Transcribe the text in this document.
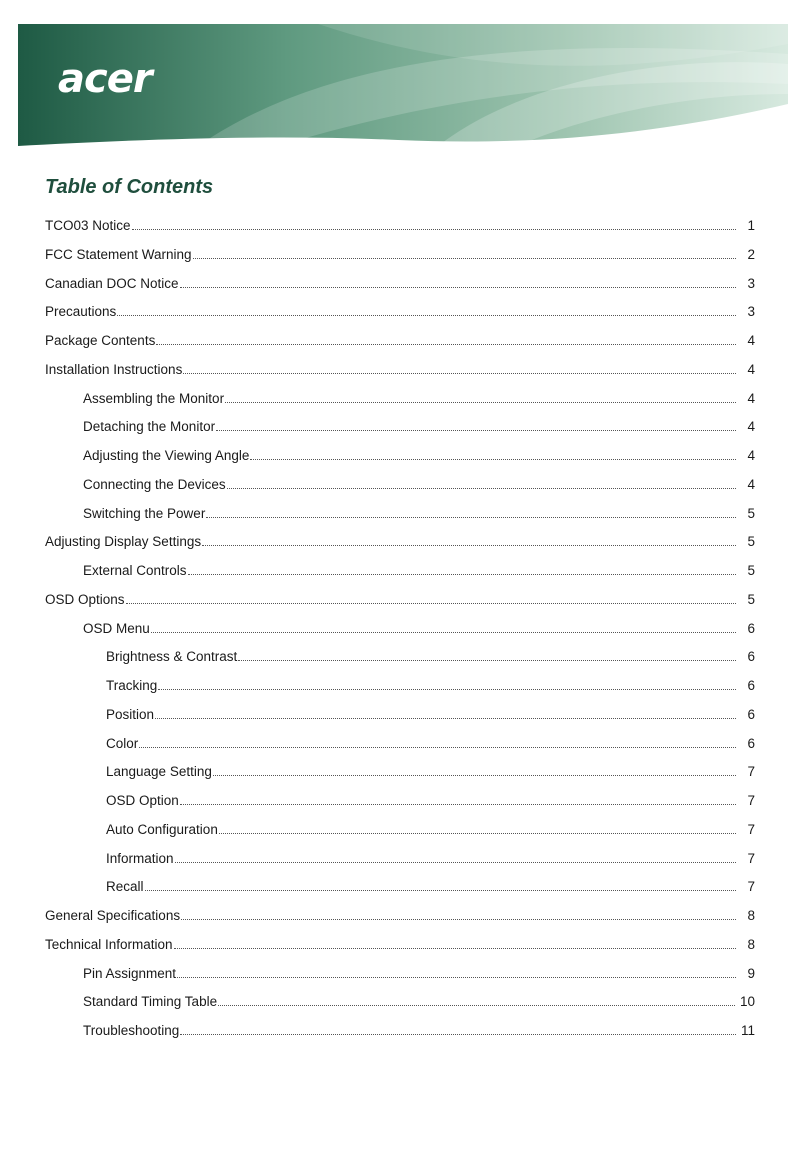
acer
Table of Contents
TCO03 Notice	1
FCC Statement Warning	2
Canadian DOC Notice	3
Precautions	3
Package Contents	4
Installation Instructions	4
Assembling the Monitor	4
Detaching the Monitor	4
Adjusting the Viewing Angle	4
Connecting the Devices	4
Switching the Power	5
Adjusting Display Settings	5
External Controls	5
OSD Options	5
OSD Menu	6
Brightness & Contrast	6
Tracking	6
Position	6
Color	6
Language Setting	7
OSD Option	7
Auto Configuration	7
Information	7
Recall	7
General Specifications	8
Technical Information	8
Pin Assignment	9
Standard Timing Table	10
Troubleshooting	11
